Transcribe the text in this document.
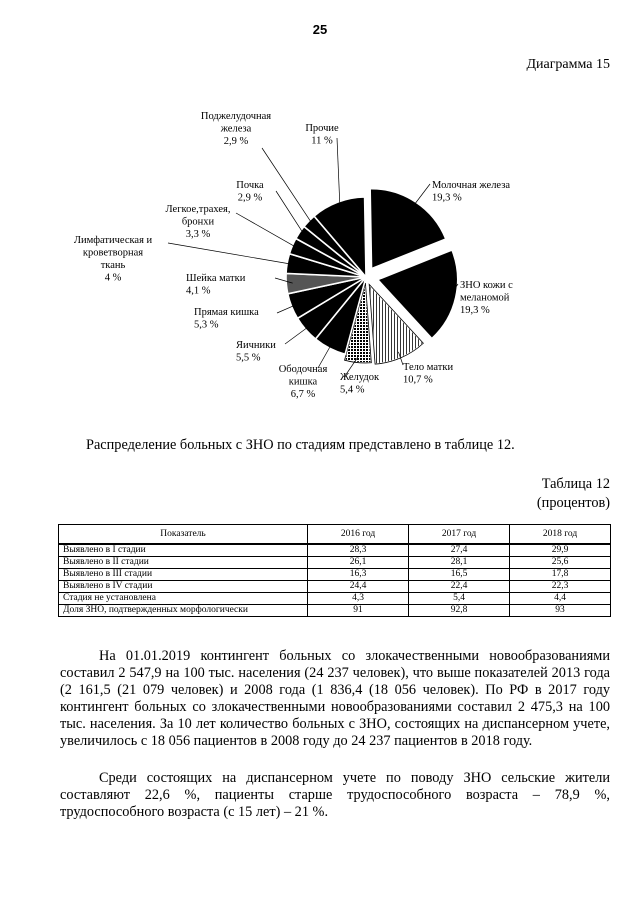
25
Диаграмма 15
Молочная железа 19,3 %
ЗНО кожи с меланомой 19,3 %
Тело матки 10,7 %
Желудок 5,4 %
Ободочная кишка 6,7 %
Яичники 5,5 %
Прямая кишка 5,3 %
Шейка матки 4,1 %
Лимфатическая и кроветворная ткань 4 %
Легкое,трахея, бронхи 3,3 %
Почка 2,9 %
Поджелудочная железа 2,9 %
Прочие 11 %
Распределение больных с ЗНО по стадиям представлено в таблице 12.
Таблица 12
(процентов)
Показатель	2016 год	2017 год	2018 год
Выявлено в I стадии	28,3	27,4	29,9
Выявлено в II стадии	26,1	28,1	25,6
Выявлено в III стадии	16,3	16,5	17,8
Выявлено в IV стадии	24,4	22,4	22,3
Стадия не установлена	4,3	5,4	4,4
Доля ЗНО, подтвержденных морфологически	91	92,8	93

На 01.01.2019 контингент больных со злокачественными новообразованиями составил 2 547,9 на 100 тыс. населения (24 237 человек), что выше показателей 2013 года (2 161,5 (21 079 человек) и 2008 года (1 836,4 (18 056 человек). По РФ в 2017 году контингент больных со злокачественными новообразованиями составил 2 475,3 на 100 тыс. населения. За 10 лет количество больных с ЗНО, состоящих на диспансерном учете, увеличилось с 18 056 пациентов в 2008 году до 24 237 пациентов в 2018 году.

Среди состоящих на диспансерном учете по поводу ЗНО сельские жители составляют 22,6 %, пациенты старше трудоспособного возраста – 78,9 %, трудоспособного возраста (с 15 лет) – 21 %.
